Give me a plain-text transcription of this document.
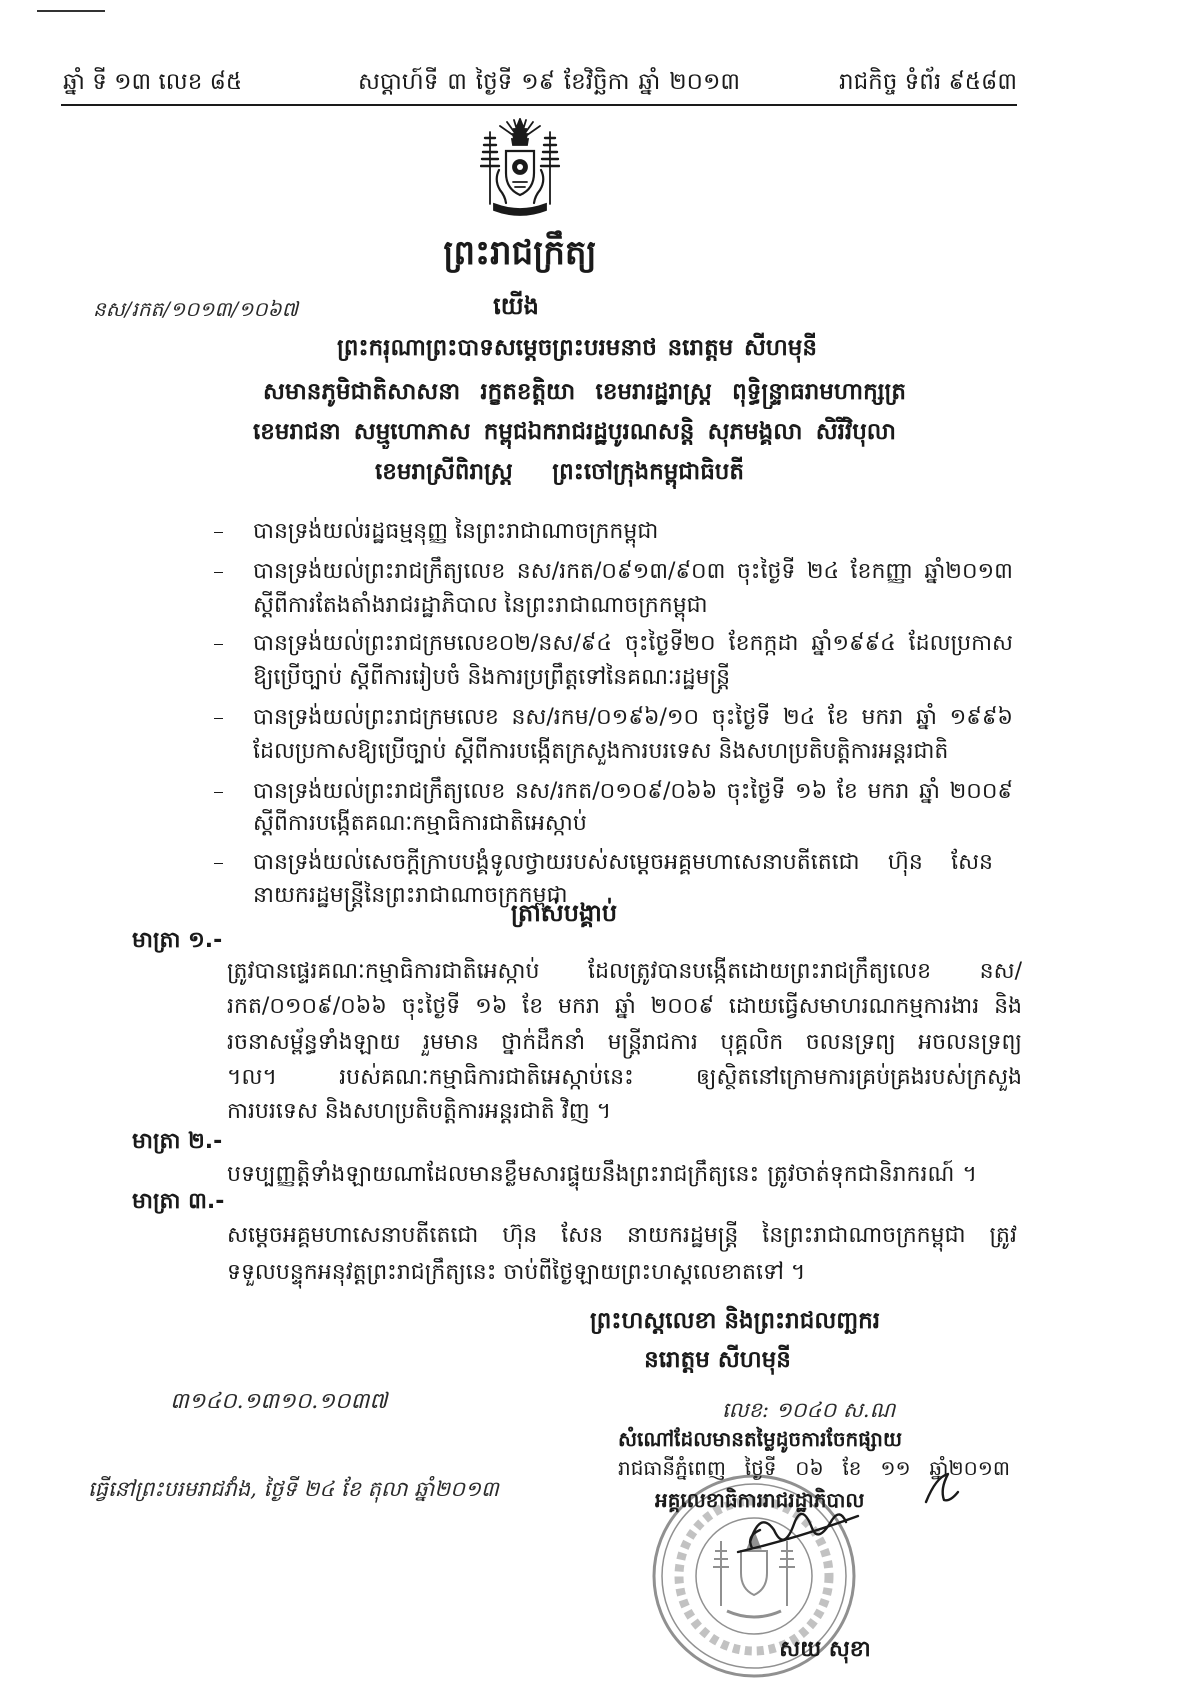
ឆ្នាំ ទី ១៣ លេខ ៨៥	សប្តាហ៍ទី ៣ ថ្ងៃទី ១៩ ខែវិច្ឆិកា ឆ្នាំ ២០១៣	រាជកិច្ច ទំព័រ ៩៥៨៣
ព្រះរាជក្រឹត្យ
នស/រកត/១០១៣/១០៦៧	យើង
ព្រះករុណាព្រះបាទសម្តេចព្រះបរមនាថ នរោត្តម សីហមុនី
សមានភូមិជាតិសាសនា រក្ខតខត្តិយា ខេមរារដ្ឋរាស្ត្រ ពុទ្ធិន្ទ្រាធរាមហាក្សត្រ
ខេមរាជនា សម្មូហោភាស កម្ពុជឯករាជរដ្ឋបូរណសន្តិ សុភមង្គលា សិរីវិបុលា
ខេមរាស្រីពិរាស្ត្រ ព្រះចៅក្រុងកម្ពុជាធិបតី
បានទ្រង់យល់រដ្ឋធម្មនុញ្ញ នៃព្រះរាជាណាចក្រកម្ពុជា
បានទ្រង់យល់ព្រះរាជក្រឹត្យលេខ នស/រកត/០៩១៣/៩០៣ ចុះថ្ងៃទី ២៤ ខែកញ្ញា ឆ្នាំ២០១៣
ស្តីពីការតែងតាំងរាជរដ្ឋាភិបាល នៃព្រះរាជាណាចក្រកម្ពុជា
បានទ្រង់យល់ព្រះរាជក្រមលេខ០២/នស/៩៤ ចុះថ្ងៃទី២០ ខែកក្កដា ឆ្នាំ១៩៩៤ ដែលប្រកាស
ឱ្យប្រើច្បាប់ ស្តីពីការរៀបចំ និងការប្រព្រឹត្តទៅនៃគណៈរដ្ឋមន្ត្រី
បានទ្រង់យល់ព្រះរាជក្រមលេខ នស/រកម/០១៩៦/១០ ចុះថ្ងៃទី ២៤ ខែ មករា ឆ្នាំ ១៩៩៦
ដែលប្រកាសឱ្យប្រើច្បាប់ ស្តីពីការបង្កើតក្រសួងការបរទេស និងសហប្រតិបត្តិការអន្តរជាតិ
បានទ្រង់យល់ព្រះរាជក្រឹត្យលេខ នស/រកត/០១០៩/០៦៦ ចុះថ្ងៃទី ១៦ ខែ មករា ឆ្នាំ ២០០៩
ស្តីពីការបង្កើតគណៈកម្មាធិការជាតិអេស្កាប់
បានទ្រង់យល់សេចក្តីក្រាបបង្គំទូលថ្វាយរបស់សម្តេចអគ្គមហាសេនាបតីតេជោ ហ៊ុន សែន
នាយករដ្ឋមន្ត្រីនៃព្រះរាជាណាចក្រកម្ពុជា
ត្រាស់បង្គាប់
មាត្រា ១.-
ត្រូវបានផ្ទេរគណៈកម្មាធិការជាតិអេស្កាប់ ដែលត្រូវបានបង្កើតដោយព្រះរាជក្រឹត្យលេខ នស/
រកត/០១០៩/០៦៦ ចុះថ្ងៃទី ១៦ ខែ មករា ឆ្នាំ ២០០៩ ដោយធ្វើសមាហរណកម្មការងារ និង
រចនាសម្ព័ន្ធទាំងឡាយ រួមមាន ថ្នាក់ដឹកនាំ មន្ត្រីរាជការ បុគ្គលិក ចលនទ្រព្យ អចលនទ្រព្យ
។ល។ របស់គណៈកម្មាធិការជាតិអេស្កាប់នេះ ឲ្យស្ថិតនៅក្រោមការគ្រប់គ្រងរបស់ក្រសួង
ការបរទេស និងសហប្រតិបត្តិការអន្តរជាតិ វិញ ។
មាត្រា ២.-
បទប្បញ្ញត្តិទាំងឡាយណាដែលមានខ្លឹមសារផ្ទុយនឹងព្រះរាជក្រឹត្យនេះ ត្រូវចាត់ទុកជានិរាករណ៍ ។
មាត្រា ៣.-
សម្តេចអគ្គមហាសេនាបតីតេជោ ហ៊ុន សែន នាយករដ្ឋមន្ត្រី នៃព្រះរាជាណាចក្រកម្ពុជា ត្រូវ
ទទួលបន្ទុកអនុវត្តព្រះរាជក្រឹត្យនេះ ចាប់ពីថ្ងៃឡាយព្រះហស្តលេខាតទៅ ។
ព្រះហស្តលេខា និងព្រះរាជលញ្ឆករ
នរោត្តម សីហមុនី
៣១៤០.១៣១០.១០៣៧
ធ្វើនៅព្រះបរមរាជវាំង, ថ្ងៃទី ២៤ ខែ តុលា ឆ្នាំ២០១៣
លេខ: ១០៤០ ស.ណ
សំណៅដែលមានតម្លៃដូចការចែកផ្សាយ
រាជធានីភ្នំពេញ ថ្ងៃទី ០៦ ខែ ១១ ឆ្នាំ២០១៣
អគ្គលេខាធិការរាជរដ្ឋាភិបាល
សយ សុខា
